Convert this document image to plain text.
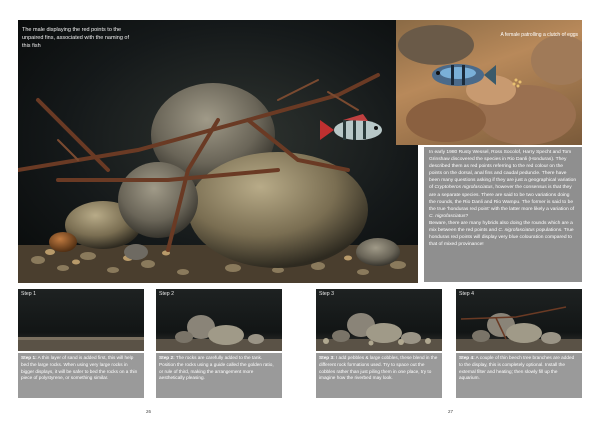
The male displaying the red points to the unpaired fins, associated with the naming of this fish
A female patrolling a clutch of eggs

In early 1980 Rusty Wessel, Ross Socolof, Harry Specht and Tom Grinshaw discovered the species in Rio Danli (Honduras). They described them as red points referring to the red colour on the points on the dorsal, anal fins and caudal peduncle. There have been many questions asking if they are just a geographical variation of Cryptoheros nigrofasciatus, however the consensus is that they are a separate species. There are said to be two variations doing the rounds, the Rio Danli and Rio Wampu. The former is said to be the true 'honduras red point' with the latter more likely a variation of C. nigrofasciatus?

Beware, there are many hybrids also doing the rounds which are a mix between the red points and C. nigrofasciatus populations. True honduras red points will display very blue colouration compared to that of mixed provinance!

Step 1	Step 2	Step 3	Step 4
Step 1: A thin layer of sand is added first, this will help bed the large rocks. When using very large rocks in bigger displays, it will be safer to bed the rocks on a thin piece of polystyrene, or something similar.
Step 2: The rocks are carefully added to the tank. Position the rocks using a guide called the golden ratio, or rule of third, making the arrangement more aesthetically pleasing.
Step 3: I add pebbles & large cobbles, these blend in the different rock formations used. Try to space out the cobbles rather than just piling them in one place, try to imagine how the riverbed may look.
Step 4: A couple of thin beech tree branches are added to the display, this is completely optional. Install the external filter and heating; then slowly fill up the aquarium.
26	27
